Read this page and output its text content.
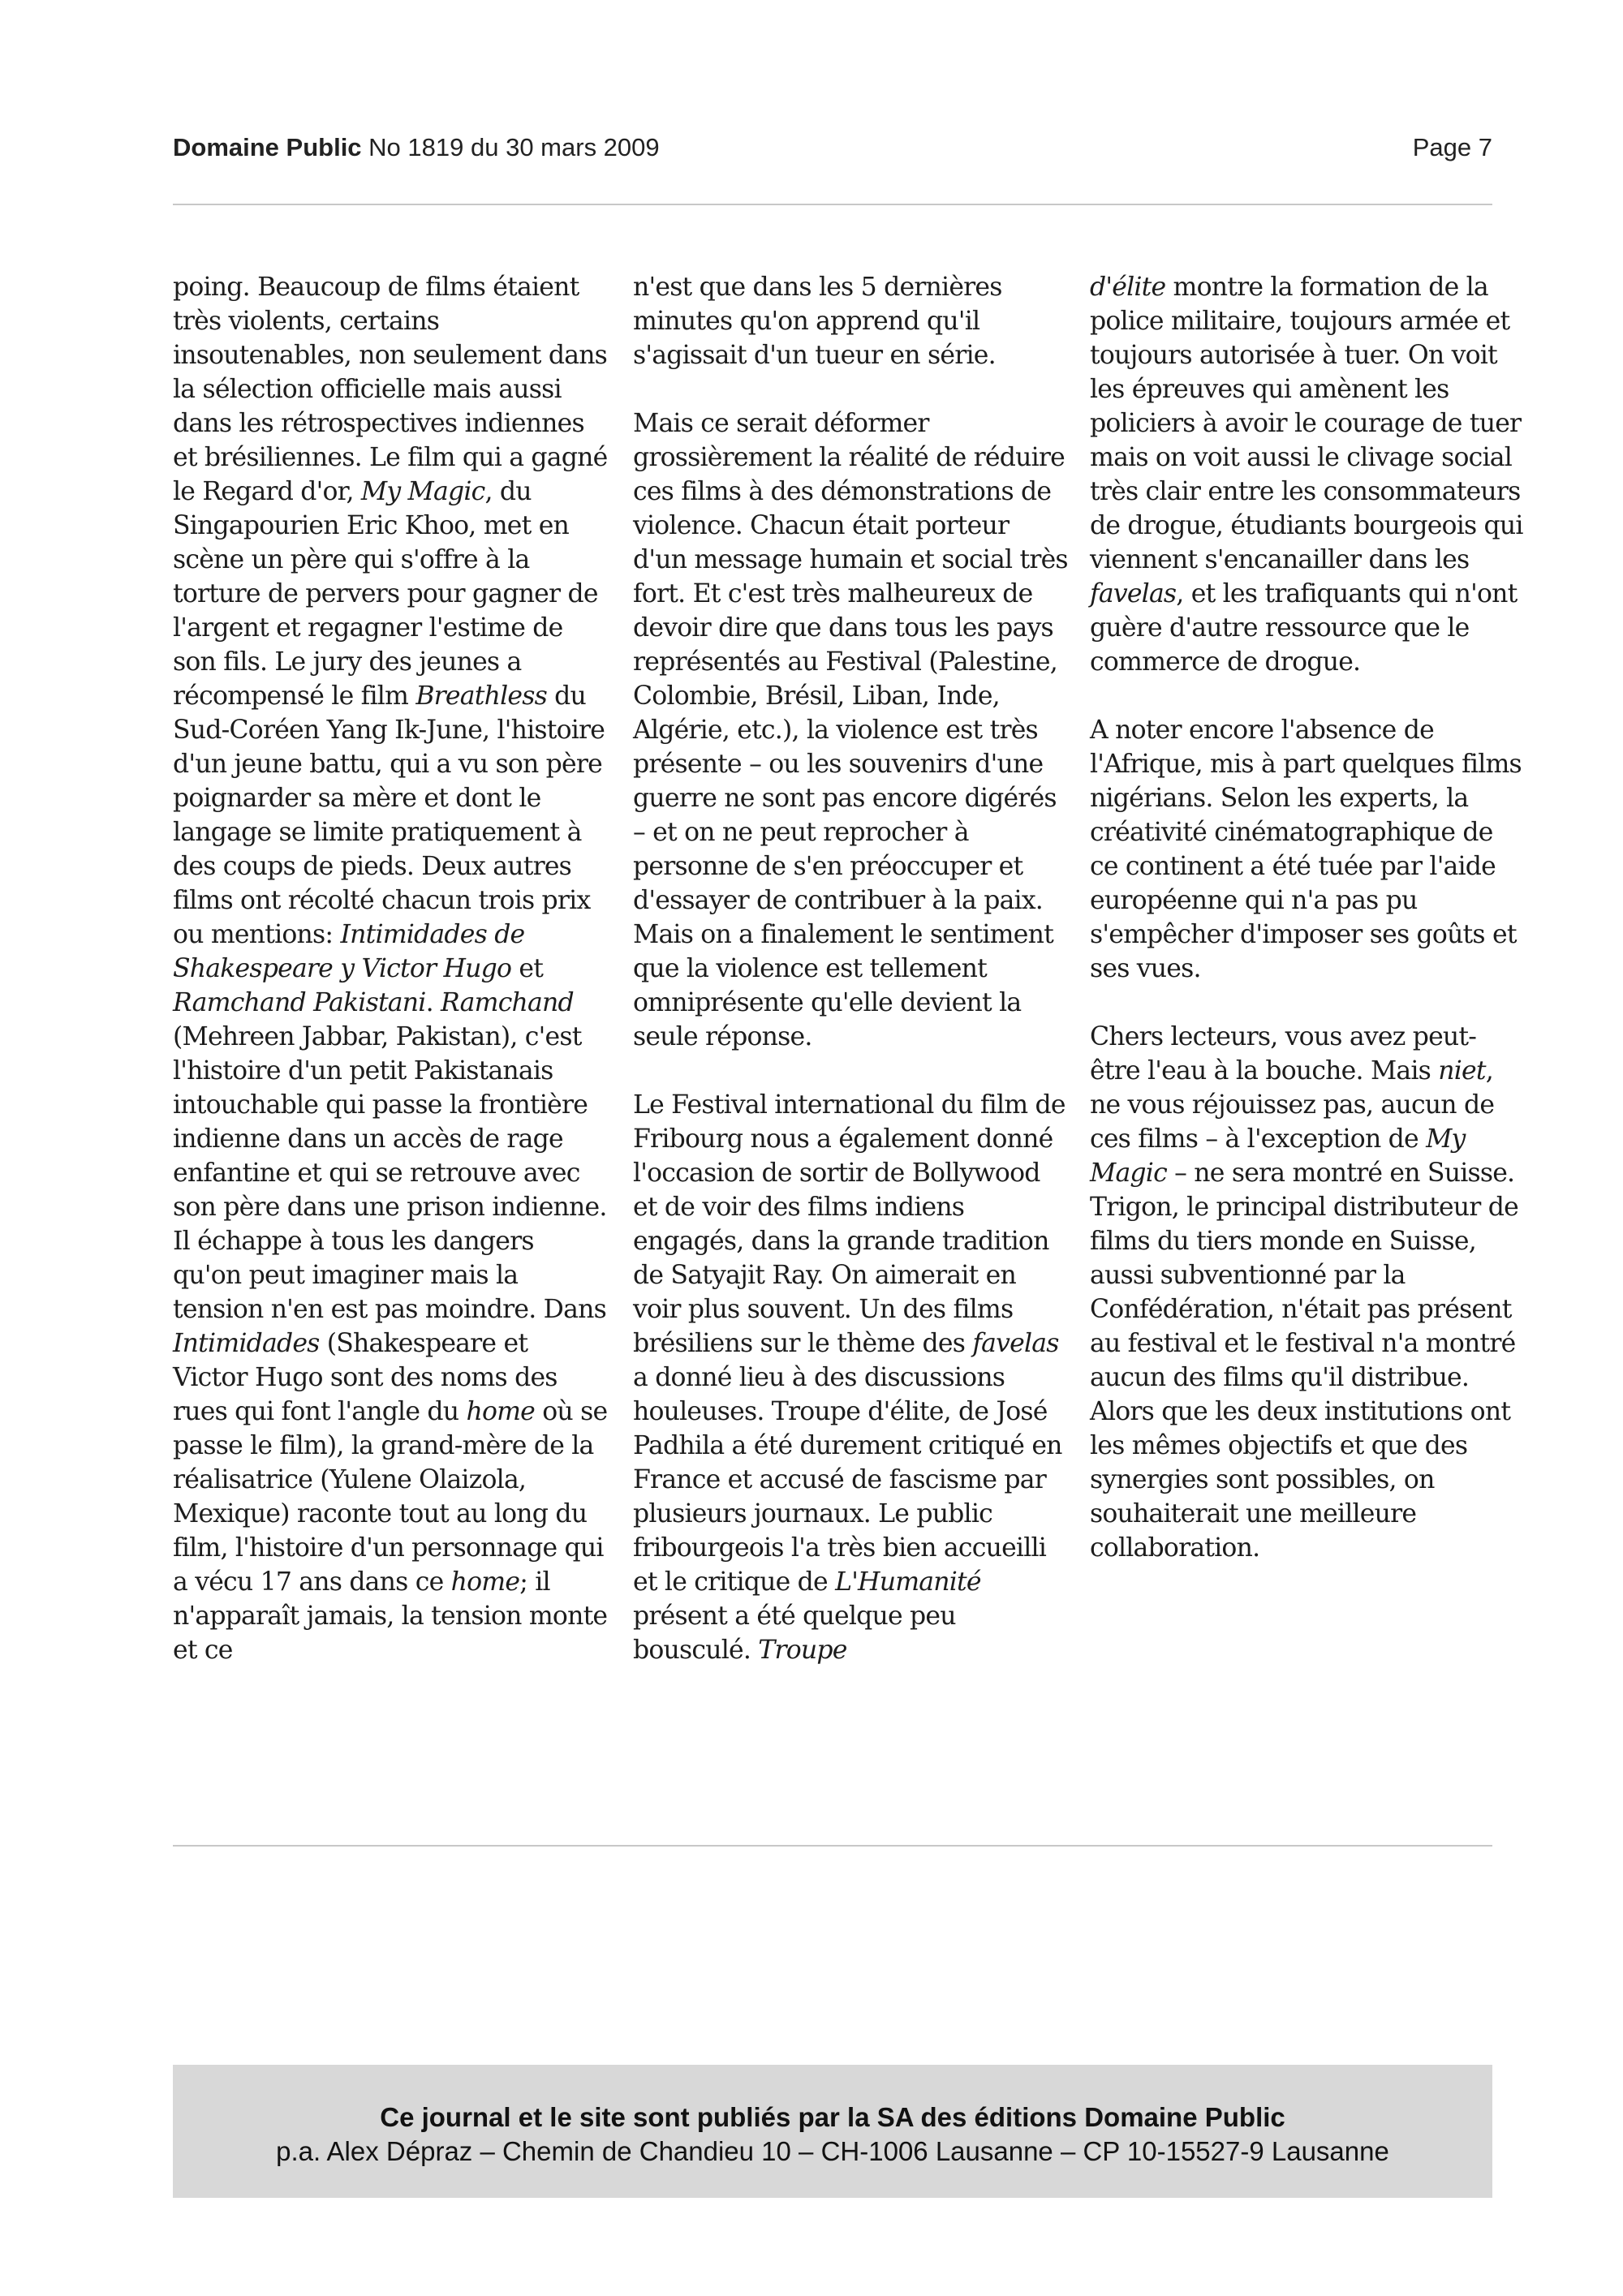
Domaine Public No 1819 du 30 mars 2009	Page 7

poing. Beaucoup de films étaient très violents, certains insoutenables, non seulement dans la sélection officielle mais aussi dans les rétrospectives indiennes et brésiliennes. Le film qui a gagné le Regard d'or, My Magic, du Singapourien Eric Khoo, met en scène un père qui s'offre à la torture de pervers pour gagner de l'argent et regagner l'estime de son fils. Le jury des jeunes a récompensé le film Breathless du Sud-Coréen Yang Ik-June, l'histoire d'un jeune battu, qui a vu son père poignarder sa mère et dont le langage se limite pratiquement à des coups de pieds. Deux autres films ont récolté chacun trois prix ou mentions: Intimidades de Shakespeare y Victor Hugo et Ramchand Pakistani. Ramchand (Mehreen Jabbar, Pakistan), c'est l'histoire d'un petit Pakistanais intouchable qui passe la frontière indienne dans un accès de rage enfantine et qui se retrouve avec son père dans une prison indienne. Il échappe à tous les dangers qu'on peut imaginer mais la tension n'en est pas moindre. Dans Intimidades (Shakespeare et Victor Hugo sont des noms des rues qui font l'angle du home où se passe le film), la grand-mère de la réalisatrice (Yulene Olaizola, Mexique) raconte tout au long du film, l'histoire d'un personnage qui a vécu 17 ans dans ce home; il n'apparaît jamais, la tension monte et ce

n'est que dans les 5 dernières minutes qu'on apprend qu'il s'agissait d'un tueur en série.

Mais ce serait déformer grossièrement la réalité de réduire ces films à des démonstrations de violence. Chacun était porteur d'un message humain et social très fort. Et c'est très malheureux de devoir dire que dans tous les pays représentés au Festival (Palestine, Colombie, Brésil, Liban, Inde, Algérie, etc.), la violence est très présente – ou les souvenirs d'une guerre ne sont pas encore digérés – et on ne peut reprocher à personne de s'en préoccuper et d'essayer de contribuer à la paix. Mais on a finalement le sentiment que la violence est tellement omniprésente qu'elle devient la seule réponse.

Le Festival international du film de Fribourg nous a également donné l'occasion de sortir de Bollywood et de voir des films indiens engagés, dans la grande tradition de Satyajit Ray. On aimerait en voir plus souvent. Un des films brésiliens sur le thème des favelas a donné lieu à des discussions houleuses. Troupe d'élite, de José Padhila a été durement critiqué en France et accusé de fascisme par plusieurs journaux. Le public fribourgeois l'a très bien accueilli et le critique de L'Humanité présent a été quelque peu bousculé. Troupe

d'élite montre la formation de la police militaire, toujours armée et toujours autorisée à tuer. On voit les épreuves qui amènent les policiers à avoir le courage de tuer mais on voit aussi le clivage social très clair entre les consommateurs de drogue, étudiants bourgeois qui viennent s'encanailler dans les favelas, et les trafiquants qui n'ont guère d'autre ressource que le commerce de drogue.

A noter encore l'absence de l'Afrique, mis à part quelques films nigérians. Selon les experts, la créativité cinématographique de ce continent a été tuée par l'aide européenne qui n'a pas pu s'empêcher d'imposer ses goûts et ses vues.

Chers lecteurs, vous avez peut-être l'eau à la bouche. Mais niet, ne vous réjouissez pas, aucun de ces films – à l'exception de My Magic – ne sera montré en Suisse. Trigon, le principal distributeur de films du tiers monde en Suisse, aussi subventionné par la Confédération, n'était pas présent au festival et le festival n'a montré aucun des films qu'il distribue. Alors que les deux institutions ont les mêmes objectifs et que des synergies sont possibles, on souhaiterait une meilleure collaboration.

Ce journal et le site sont publiés par la SA des éditions Domaine Public
p.a. Alex Dépraz – Chemin de Chandieu 10 – CH-1006 Lausanne – CP 10-15527-9 Lausanne
